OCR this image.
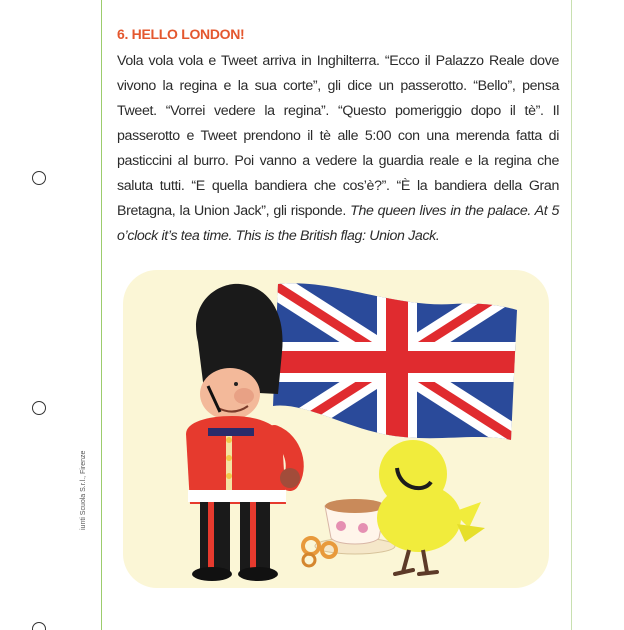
iunti Scuola S.r.l., Firenze
6. HELLO LONDON!
Vola vola vola e Tweet arriva in Inghilterra. “Ecco il Palazzo Reale dove vivono la regina e la sua corte”, gli dice un passerotto. “Bello”, pensa Tweet. “Vorrei vedere la regina”. “Questo pomeriggio dopo il tè”. Il passerotto e Tweet prendono il tè alle 5:00 con una merenda fatta di pasticcini al burro. Poi vanno a vedere la guardia reale e la regina che saluta tutti. “E quella bandiera che cos’è?”. “È la bandiera della Gran Bretagna, la Union Jack”, gli risponde. The queen lives in the palace. At 5 o’clock it’s tea time. This is the British flag: Union Jack.
